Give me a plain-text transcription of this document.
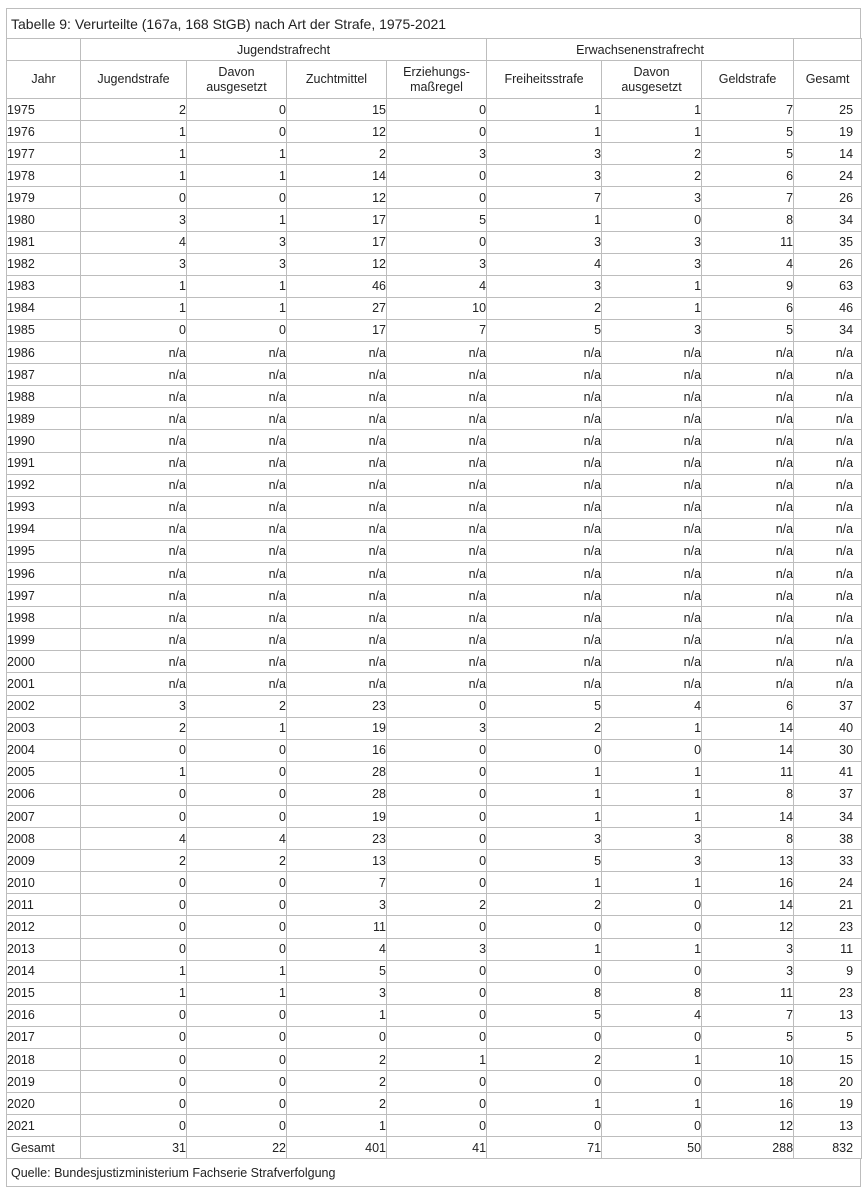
Tabelle 9: Verurteilte (167a, 168 StGB) nach Art der Strafe, 1975-2021
	Jugendstrafrecht				Erwachsenenstrafrecht			
Jahr	Jugendstrafe	Davon ausgesetzt	Zuchtmittel	Erziehungs-maßregel	Freiheitsstrafe	Davon ausgesetzt	Geldstrafe	Gesamt
1975	2	0	15	0	1	1	7	25
1976	1	0	12	0	1	1	5	19
1977	1	1	2	3	3	2	5	14
1978	1	1	14	0	3	2	6	24
1979	0	0	12	0	7	3	7	26
1980	3	1	17	5	1	0	8	34
1981	4	3	17	0	3	3	11	35
1982	3	3	12	3	4	3	4	26
1983	1	1	46	4	3	1	9	63
1984	1	1	27	10	2	1	6	46
1985	0	0	17	7	5	3	5	34
1986	n/a	n/a	n/a	n/a	n/a	n/a	n/a	n/a
1987	n/a	n/a	n/a	n/a	n/a	n/a	n/a	n/a
1988	n/a	n/a	n/a	n/a	n/a	n/a	n/a	n/a
1989	n/a	n/a	n/a	n/a	n/a	n/a	n/a	n/a
1990	n/a	n/a	n/a	n/a	n/a	n/a	n/a	n/a
1991	n/a	n/a	n/a	n/a	n/a	n/a	n/a	n/a
1992	n/a	n/a	n/a	n/a	n/a	n/a	n/a	n/a
1993	n/a	n/a	n/a	n/a	n/a	n/a	n/a	n/a
1994	n/a	n/a	n/a	n/a	n/a	n/a	n/a	n/a
1995	n/a	n/a	n/a	n/a	n/a	n/a	n/a	n/a
1996	n/a	n/a	n/a	n/a	n/a	n/a	n/a	n/a
1997	n/a	n/a	n/a	n/a	n/a	n/a	n/a	n/a
1998	n/a	n/a	n/a	n/a	n/a	n/a	n/a	n/a
1999	n/a	n/a	n/a	n/a	n/a	n/a	n/a	n/a
2000	n/a	n/a	n/a	n/a	n/a	n/a	n/a	n/a
2001	n/a	n/a	n/a	n/a	n/a	n/a	n/a	n/a
2002	3	2	23	0	5	4	6	37
2003	2	1	19	3	2	1	14	40
2004	0	0	16	0	0	0	14	30
2005	1	0	28	0	1	1	11	41
2006	0	0	28	0	1	1	8	37
2007	0	0	19	0	1	1	14	34
2008	4	4	23	0	3	3	8	38
2009	2	2	13	0	5	3	13	33
2010	0	0	7	0	1	1	16	24
2011	0	0	3	2	2	0	14	21
2012	0	0	11	0	0	0	12	23
2013	0	0	4	3	1	1	3	11
2014	1	1	5	0	0	0	3	9
2015	1	1	3	0	8	8	11	23
2016	0	0	1	0	5	4	7	13
2017	0	0	0	0	0	0	5	5
2018	0	0	2	1	2	1	10	15
2019	0	0	2	0	0	0	18	20
2020	0	0	2	0	1	1	16	19
2021	0	0	1	0	0	0	12	13
Gesamt	31	22	401	41	71	50	288	832
Quelle: Bundesjustizministerium Fachserie Strafverfolgung
